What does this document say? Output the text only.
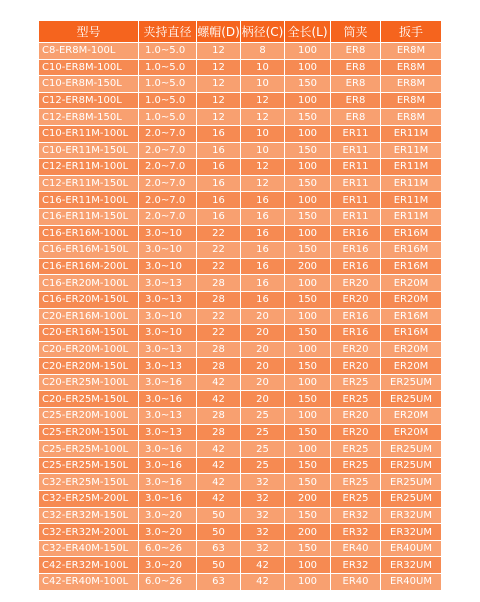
型号	夹持直径	螺帽(D)	柄径(C)	全长(L)	筒夹	扳手
C8-ER8M-100L	1.0~5.0	12	8	100	ER8	ER8M
C10-ER8M-100L	1.0~5.0	12	10	100	ER8	ER8M
C10-ER8M-150L	1.0~5.0	12	10	150	ER8	ER8M
C12-ER8M-100L	1.0~5.0	12	12	100	ER8	ER8M
C12-ER8M-150L	1.0~5.0	12	12	150	ER8	ER8M
C10-ER11M-100L	2.0~7.0	16	10	100	ER11	ER11M
C10-ER11M-150L	2.0~7.0	16	10	150	ER11	ER11M
C12-ER11M-100L	2.0~7.0	16	12	100	ER11	ER11M
C12-ER11M-150L	2.0~7.0	16	12	150	ER11	ER11M
C16-ER11M-100L	2.0~7.0	16	16	100	ER11	ER11M
C16-ER11M-150L	2.0~7.0	16	16	150	ER11	ER11M
C16-ER16M-100L	3.0~10	22	16	100	ER16	ER16M
C16-ER16M-150L	3.0~10	22	16	150	ER16	ER16M
C16-ER16M-200L	3.0~10	22	16	200	ER16	ER16M
C16-ER20M-100L	3.0~13	28	16	100	ER20	ER20M
C16-ER20M-150L	3.0~13	28	16	150	ER20	ER20M
C20-ER16M-100L	3.0~10	22	20	100	ER16	ER16M
C20-ER16M-150L	3.0~10	22	20	150	ER16	ER16M
C20-ER20M-100L	3.0~13	28	20	100	ER20	ER20M
C20-ER20M-150L	3.0~13	28	20	150	ER20	ER20M
C20-ER25M-100L	3.0~16	42	20	100	ER25	ER25UM
C20-ER25M-150L	3.0~16	42	20	150	ER25	ER25UM
C25-ER20M-100L	3.0~13	28	25	100	ER20	ER20M
C25-ER20M-150L	3.0~13	28	25	150	ER20	ER20M
C25-ER25M-100L	3.0~16	42	25	100	ER25	ER25UM
C25-ER25M-150L	3.0~16	42	25	150	ER25	ER25UM
C32-ER25M-150L	3.0~16	42	32	150	ER25	ER25UM
C32-ER25M-200L	3.0~16	42	32	200	ER25	ER25UM
C32-ER32M-150L	3.0~20	50	32	150	ER32	ER32UM
C32-ER32M-200L	3.0~20	50	32	200	ER32	ER32UM
C32-ER40M-150L	6.0~26	63	32	150	ER40	ER40UM
C42-ER32M-100L	3.0~20	50	42	100	ER32	ER32UM
C42-ER40M-100L	6.0~26	63	42	100	ER40	ER40UM
